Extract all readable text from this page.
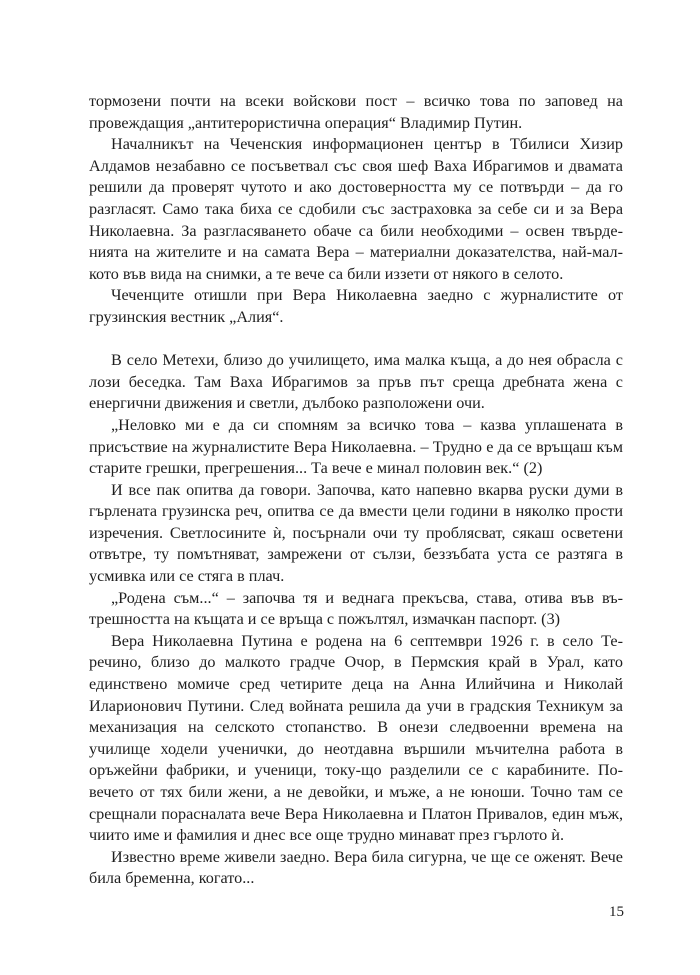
тормозени почти на всеки войскови пост – всичко това по заповед на провеждащия „антитерористична операция“ Владимир Путин.

Началникът на Чеченския информационен център в Тбилиси Хизир Алдамов незабавно се посъветвал със своя шеф Ваха Ибрагимов и двамата решили да проверят чутото и ако достоверността му се потвърди – да го разгласят. Само така биха се сдобили със застраховка за себе си и за Вера Николаевна. За разгласяването обаче са били необходими – освен твърденията на жителите и на самата Вера – материални доказателства, най-малкото във вида на снимки, а те вече са били иззети от някого в селото.

Чеченците отишли при Вера Николаевна заедно с журналистите от грузинския вестник „Алия“.

В село Метехи, близо до училището, има малка къща, а до нея обрасла с лози беседка. Там Ваха Ибрагимов за пръв път среща дребната жена с енергични движения и светли, дълбоко разположени очи.

„Неловко ми е да си спомням за всичко това – казва уплашената в присъствие на журналистите Вера Николаевна. – Трудно е да се връщаш към старите грешки, прегрешения... Та вече е минал половин век.“ (2)

И все пак опитва да говори. Започва, като напевно вкарва руски думи в гърлената грузинска реч, опитва се да вмести цели години в няколко прости изречения. Светлосините ѝ, посърнали очи ту проблясват, сякаш осветени отвътре, ту помътняват, замрежени от сълзи, беззъбата уста се разтяга в усмивка или се стяга в плач.

„Родена съм...“ – започва тя и веднага прекъсва, става, отива във вътрешността на къщата и се връща с пожълтял, измачкан паспорт. (3)

Вера Николаевна Путина е родена на 6 септември 1926 г. в село Теречино, близо до малкото градче Очор, в Пермския край в Урал, като единствено момиче сред четирите деца на Анна Илийчина и Николай Иларионович Путини. След войната решила да учи в градския Техникум за механизация на селското стопанство. В онези следвоенни времена на училище ходели ученички, до неотдавна вършили мъчителна работа в оръжейни фабрики, и ученици, току-що разделили се с карабините. Повечето от тях били жени, а не девойки, и мъже, а не юноши. Точно там се срещнали порасналата вече Вера Николаевна и Платон Привалов, един мъж, чиито име и фамилия и днес все още трудно минават през гърлото ѝ.

Известно време живели заедно. Вера била сигурна, че ще се оженят. Вече била бременна, когато...

15
